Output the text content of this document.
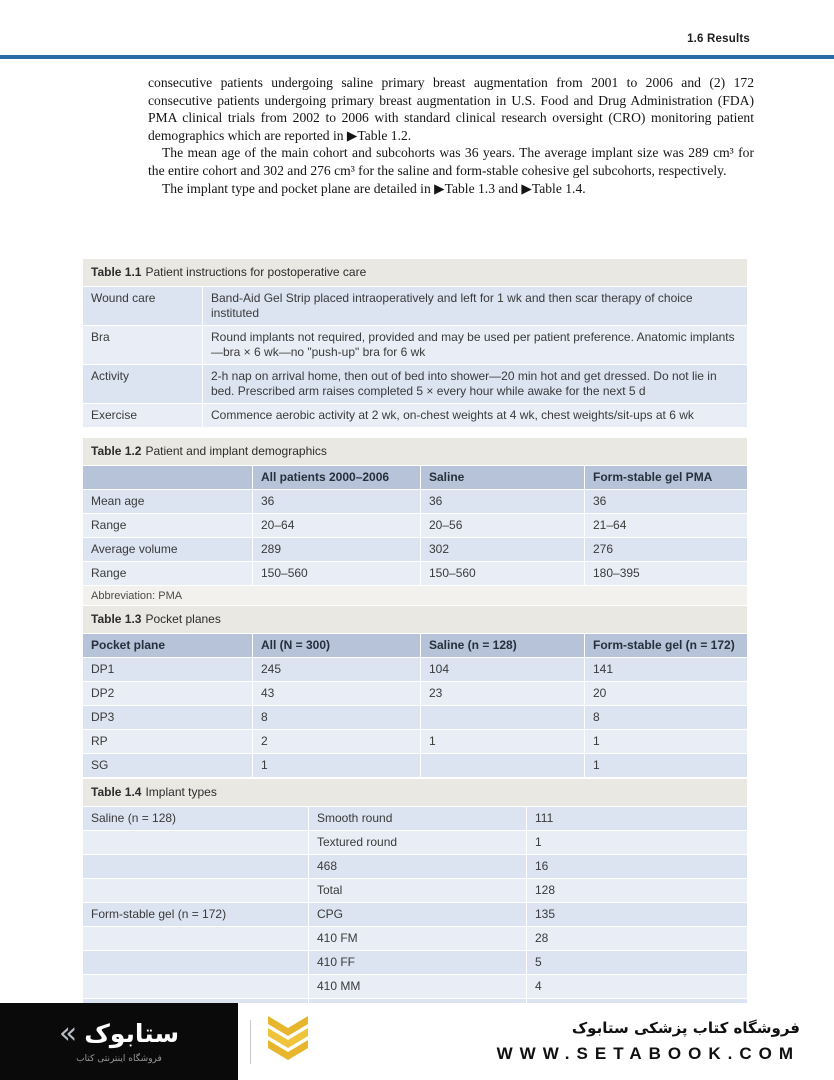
1.6 Results

consecutive patients undergoing saline primary breast augmentation from 2001 to 2006 and (2) 172 consecutive patients undergoing primary breast augmentation in U.S. Food and Drug Administration (FDA) PMA clinical trials from 2002 to 2006 with standard clinical research oversight (CRO) monitoring patient demographics which are reported in ▶Table 1.2.

The mean age of the main cohort and subcohorts was 36 years. The average implant size was 289 cm³ for the entire cohort and 302 and 276 cm³ for the saline and form-stable cohesive gel subcohorts, respectively.

The implant type and pocket plane are detailed in ▶Table 1.3 and ▶Table 1.4.

Table 1.1 Patient instructions for postoperative care	
Wound care	Band-Aid Gel Strip placed intraoperatively and left for 1 wk and then scar therapy of choice instituted
Bra	Round implants not required, provided and may be used per patient preference. Anatomic implants—bra × 6 wk—no "push-up" bra for 6 wk
Activity	2-h nap on arrival home, then out of bed into shower—20 min hot and get dressed. Do not lie in bed. Prescribed arm raises completed 5 × every hour while awake for the next 5 d
Exercise	Commence aerobic activity at 2 wk, on-chest weights at 4 wk, chest weights/sit-ups at 6 wk
Table 1.2 Patient and implant demographics			
	All patients 2000–2006	Saline	Form-stable gel PMA
Mean age	36	36	36
Range	20–64	20–56	21–64
Average volume	289	302	276
Range	150–560	150–560	180–395
Abbreviation: PMA			
Table 1.3 Pocket planes			
Pocket plane	All (N = 300)	Saline (n = 128)	Form-stable gel (n = 172)
DP1	245	104	141
DP2	43	23	20
DP3	8		8
RP	2	1	1
SG	1		1
Table 1.4 Implant types		
Saline (n = 128)	Smooth round	111
	Textured round	1
	468	16
	Total	128
Form-stable gel (n = 172)	CPG	135
	410 FM	28
	410 FF	5
	410 MM	4

« ستابوک
فروشگاه اینترنتی کتاب
فروشگاه کتاب پزشکی ستابوک
WWW.SETABOOK.COM
